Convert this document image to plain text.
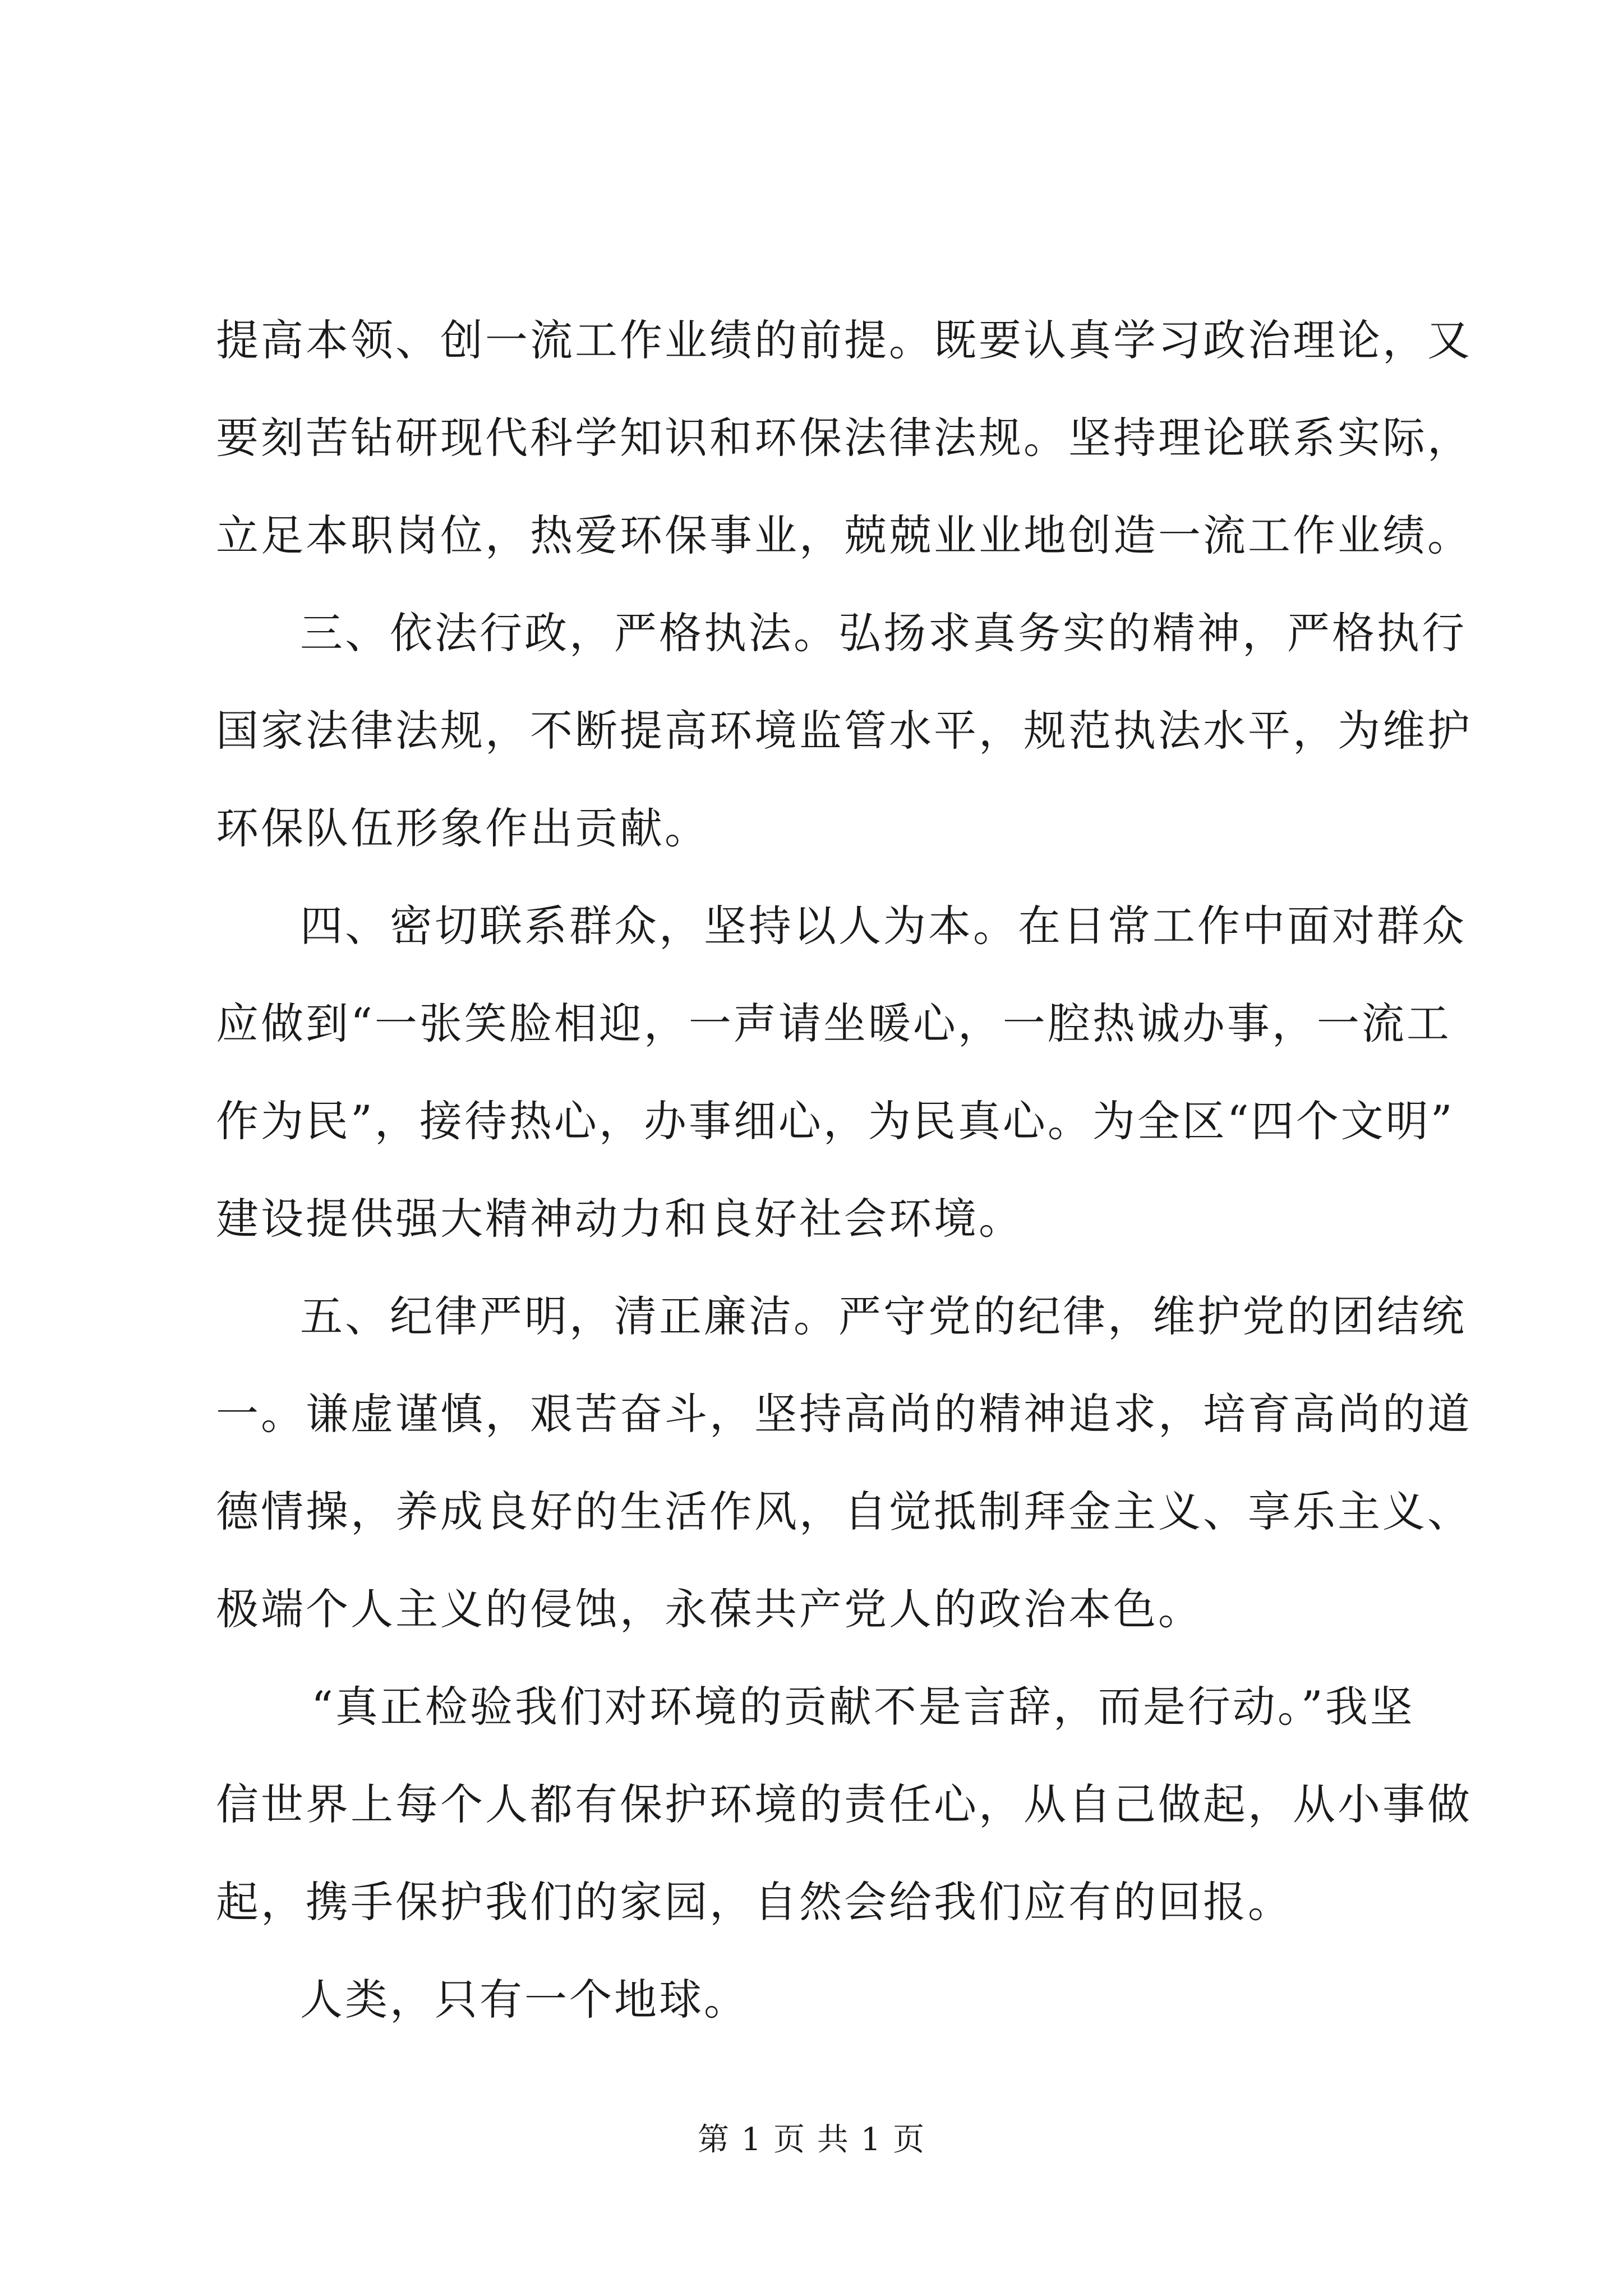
提高本领、创一流工作业绩的前提。既要认真学习政治理论，又
要刻苦钻研现代科学知识和环保法律法规。坚持理论联系实际，
立足本职岗位，热爱环保事业，兢兢业业地创造一流工作业绩。
三、依法行政，严格执法。弘扬求真务实的精神，严格执行
国家法律法规，不断提高环境监管水平，规范执法水平，为维护
环保队伍形象作出贡献。
四、密切联系群众，坚持以人为本。在日常工作中面对群众
应做到“一张笑脸相迎，一声请坐暖心，一腔热诚办事，一流工
作为民”，接待热心，办事细心，为民真心。为全区“四个文明”
建设提供强大精神动力和良好社会环境。
五、纪律严明，清正廉洁。严守党的纪律，维护党的团结统
一。谦虚谨慎，艰苦奋斗，坚持高尚的精神追求，培育高尚的道
德情操，养成良好的生活作风，自觉抵制拜金主义、享乐主义、
极端个人主义的侵蚀，永葆共产党人的政治本色。
“真正检验我们对环境的贡献不是言辞，而是行动。”我坚
信世界上每个人都有保护环境的责任心，从自己做起，从小事做
起，携手保护我们的家园，自然会给我们应有的回报。
人类，只有一个地球。
第 1 页 共 1 页
